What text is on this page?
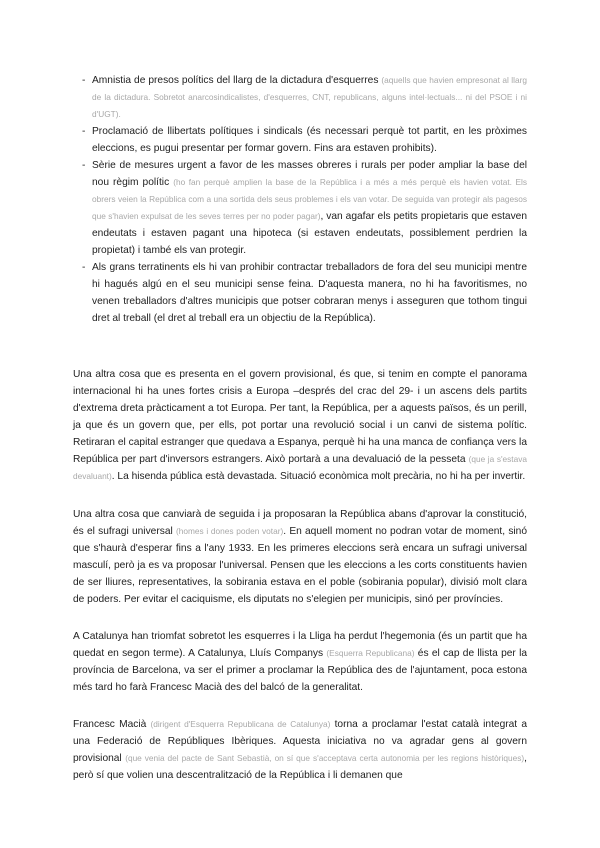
- Amnistia de presos polítics del llarg de la dictadura d'esquerres (aquells que havien empresonat al llarg de la dictadura. Sobretot anarcosindicalistes, d'esquerres, CNT, republicans, alguns intel·lectuals... ni del PSOE i ni d'UGT).
- Proclamació de llibertats polítiques i sindicals (és necessari perquè tot partit, en les pròximes eleccions, es pugui presentar per formar govern. Fins ara estaven prohibits).
- Sèrie de mesures urgent a favor de les masses obreres i rurals per poder ampliar la base del nou règim polític (ho fan perquè amplien la base de la República i a més a més perquè els havien votat. Els obrers veien la República com a una sortida dels seus problemes i els van votar. De seguida van protegir als pagesos que s'havien expulsat de les seves terres per no poder pagar), van agafar els petits propietaris que estaven endeutats i estaven pagant una hipoteca (si estaven endeutats, possiblement perdrien la propietat) i també els van protegir.
- Als grans terratinents els hi van prohibir contractar treballadors de fora del seu municipi mentre hi hagués algú en el seu municipi sense feina. D'aquesta manera, no hi ha favoritismes, no venen treballadors d'altres municipis que potser cobraran menys i asseguren que tothom tingui dret al treball (el dret al treball era un objectiu de la República).

Una altra cosa que es presenta en el govern provisional, és que, si tenim en compte el panorama internacional hi ha unes fortes crisis a Europa –després del crac del 29- i un ascens dels partits d'extrema dreta pràcticament a tot Europa. Per tant, la República, per a aquests països, és un perill, ja que és un govern que, per ells, pot portar una revolució social i un canvi de sistema polític. Retiraran el capital estranger que quedava a Espanya, perquè hi ha una manca de confiança vers la República per part d'inversors estrangers. Això portarà a una devaluació de la pesseta (que ja s'estava devaluant). La hisenda pública està devastada. Situació econòmica molt precària, no hi ha per invertir.

Una altra cosa que canviarà de seguida i ja proposaran la República abans d'aprovar la constitució, és el sufragi universal (homes i dones poden votar). En aquell moment no podran votar de moment, sinó que s'haurà d'esperar fins a l'any 1933. En les primeres eleccions serà encara un sufragi universal masculí, però ja es va proposar l'universal. Pensen que les eleccions a les corts constituents havien de ser lliures, representatives, la sobirania estava en el poble (sobirania popular), divisió molt clara de poders. Per evitar el caciquisme, els diputats no s'elegien per municipis, sinó per províncies.

A Catalunya han triomfat sobretot les esquerres i la Lliga ha perdut l'hegemonia (és un partit que ha quedat en segon terme). A Catalunya, Lluís Companys (Esquerra Republicana) és el cap de llista per la província de Barcelona, va ser el primer a proclamar la República des de l'ajuntament, poca estona més tard ho farà Francesc Macià des del balcó de la generalitat.

Francesc Macià (dirigent d'Esquerra Republicana de Catalunya) torna a proclamar l'estat català integrat a una Federació de Repúbliques Ibèriques. Aquesta iniciativa no va agradar gens al govern provisional (que venia del pacte de Sant Sebastià, on sí que s'acceptava certa autonomia per les regions històriques), però sí que volien una descentralització de la República i li demanen que
